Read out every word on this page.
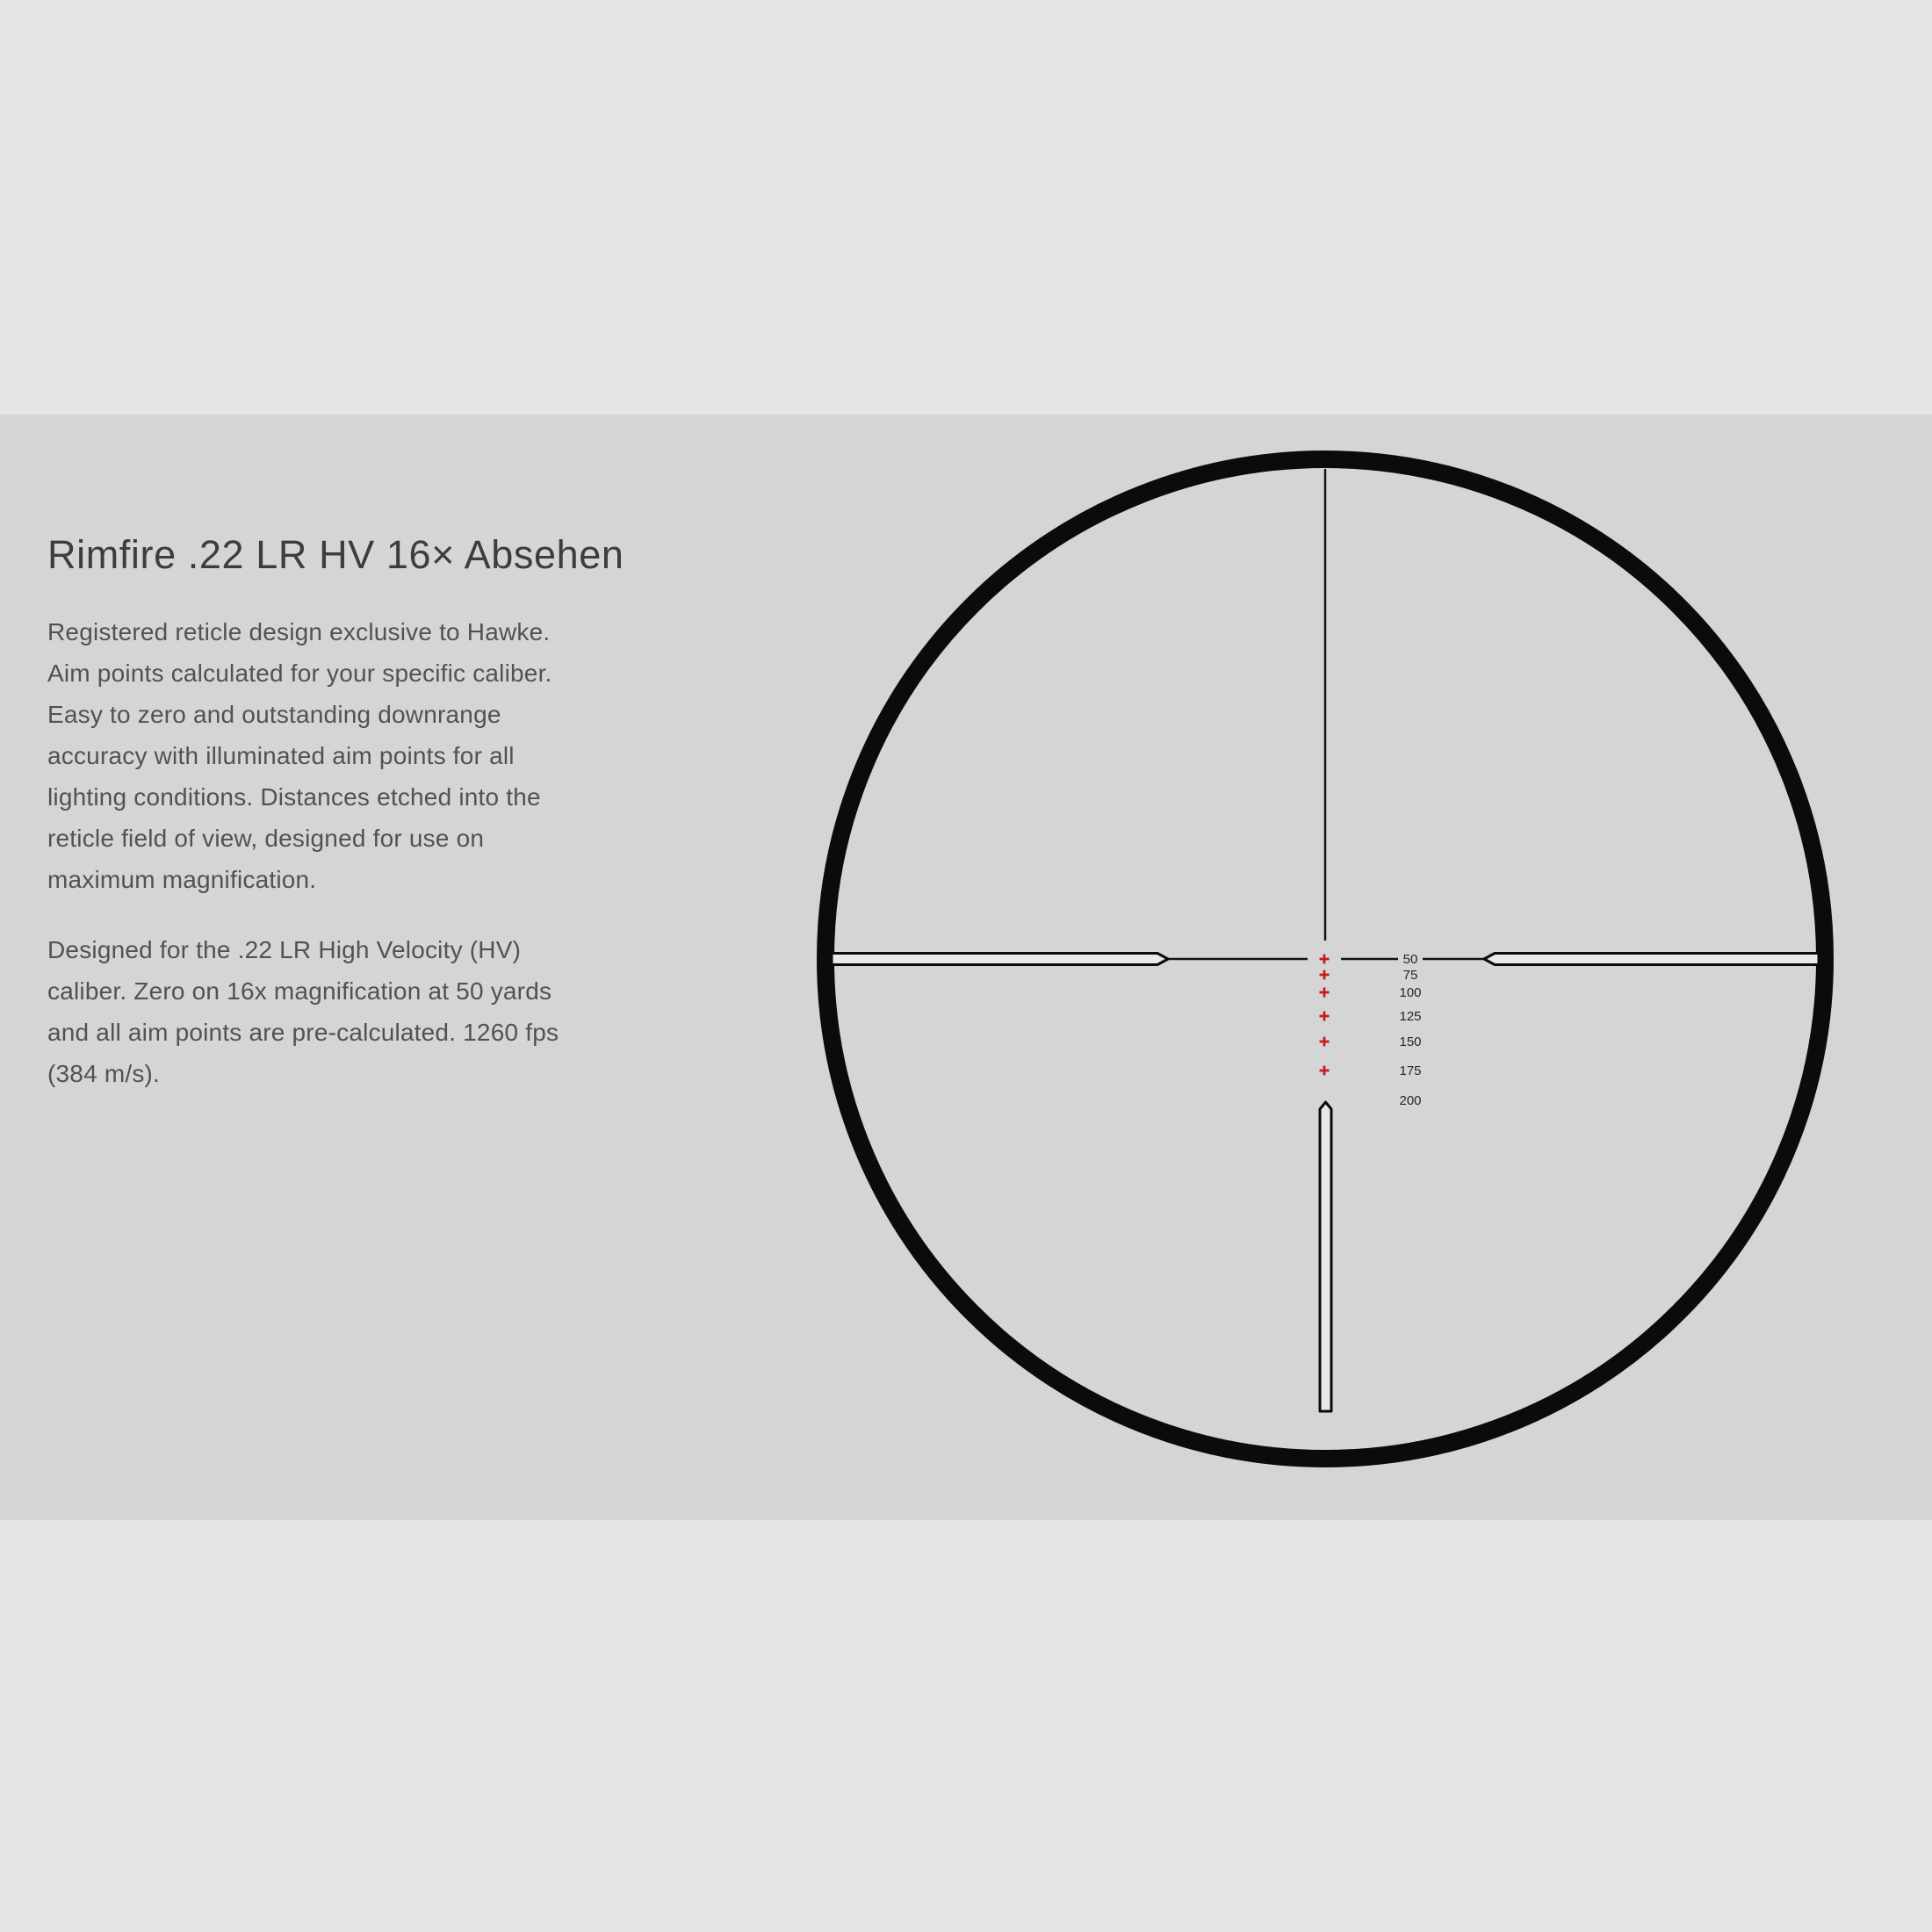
Rimfire .22 LR HV 16× Absehen

Registered reticle design exclusive to Hawke. Aim points calculated for your specific caliber. Easy to zero and outstanding downrange accuracy with illuminated aim points for all lighting conditions. Distances etched into the reticle field of view, designed for use on maximum magnification.

Designed for the .22 LR High Velocity (HV) caliber. Zero on 16x magnification at 50 yards and all aim points are pre-calculated. 1260 fps (384 m/s).

50
75
100
125
150
175
200
